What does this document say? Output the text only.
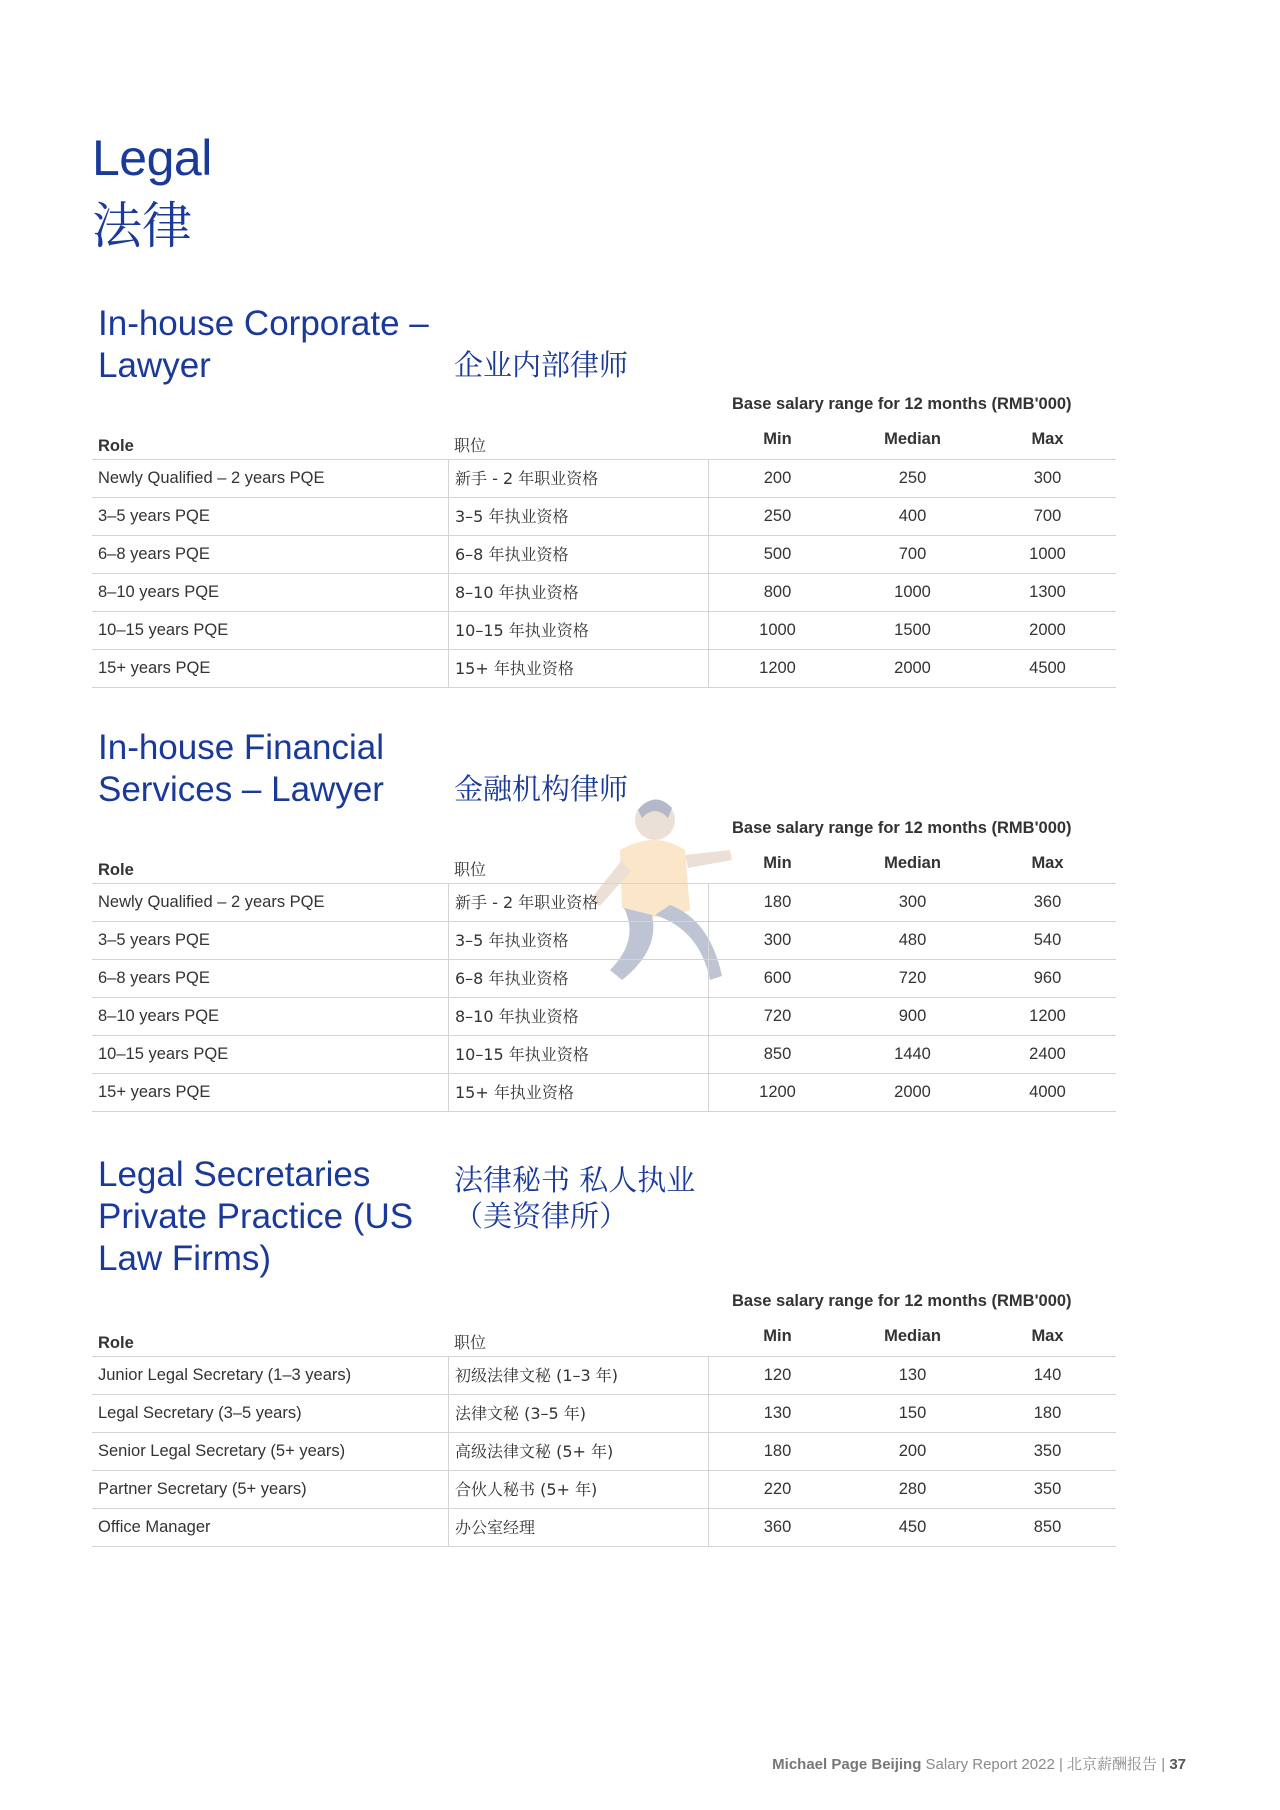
Legal
法律
In-house Corporate – Lawyer	企业内部律师
Base salary range for 12 months (RMB'000)
Role	职位	Min	Median	Max
Newly Qualified – 2 years PQE	新手 - 2 年职业资格	200	250	300
3–5 years PQE	3–5 年执业资格	250	400	700
6–8 years PQE	6–8 年执业资格	500	700	1000
8–10 years PQE	8–10 年执业资格	800	1000	1300
10–15 years PQE	10–15 年执业资格	1000	1500	2000
15+ years PQE	15+ 年执业资格	1200	2000	4500
In-house Financial Services – Lawyer	金融机构律师
Base salary range for 12 months (RMB'000)
Role	职位	Min	Median	Max
Newly Qualified – 2 years PQE	新手 - 2 年职业资格	180	300	360
3–5 years PQE	3–5 年执业资格	300	480	540
6–8 years PQE	6–8 年执业资格	600	720	960
8–10 years PQE	8–10 年执业资格	720	900	1200
10–15 years PQE	10–15 年执业资格	850	1440	2400
15+ years PQE	15+ 年执业资格	1200	2000	4000
Legal Secretaries Private Practice (US Law Firms)
法律秘书 私人执业（美资律所）
Base salary range for 12 months (RMB'000)
Role	职位	Min	Median	Max
Junior Legal Secretary (1–3 years)	初级法律文秘 (1–3 年)	120	130	140
Legal Secretary (3–5 years)	法律文秘 (3–5 年)	130	150	180
Senior Legal Secretary (5+ years)	高级法律文秘 (5+ 年)	180	200	350
Partner Secretary (5+ years)	合伙人秘书 (5+ 年)	220	280	350
Office Manager	办公室经理	360	450	850
Michael Page Beijing Salary Report 2022 | 北京薪酬报告 | 37
